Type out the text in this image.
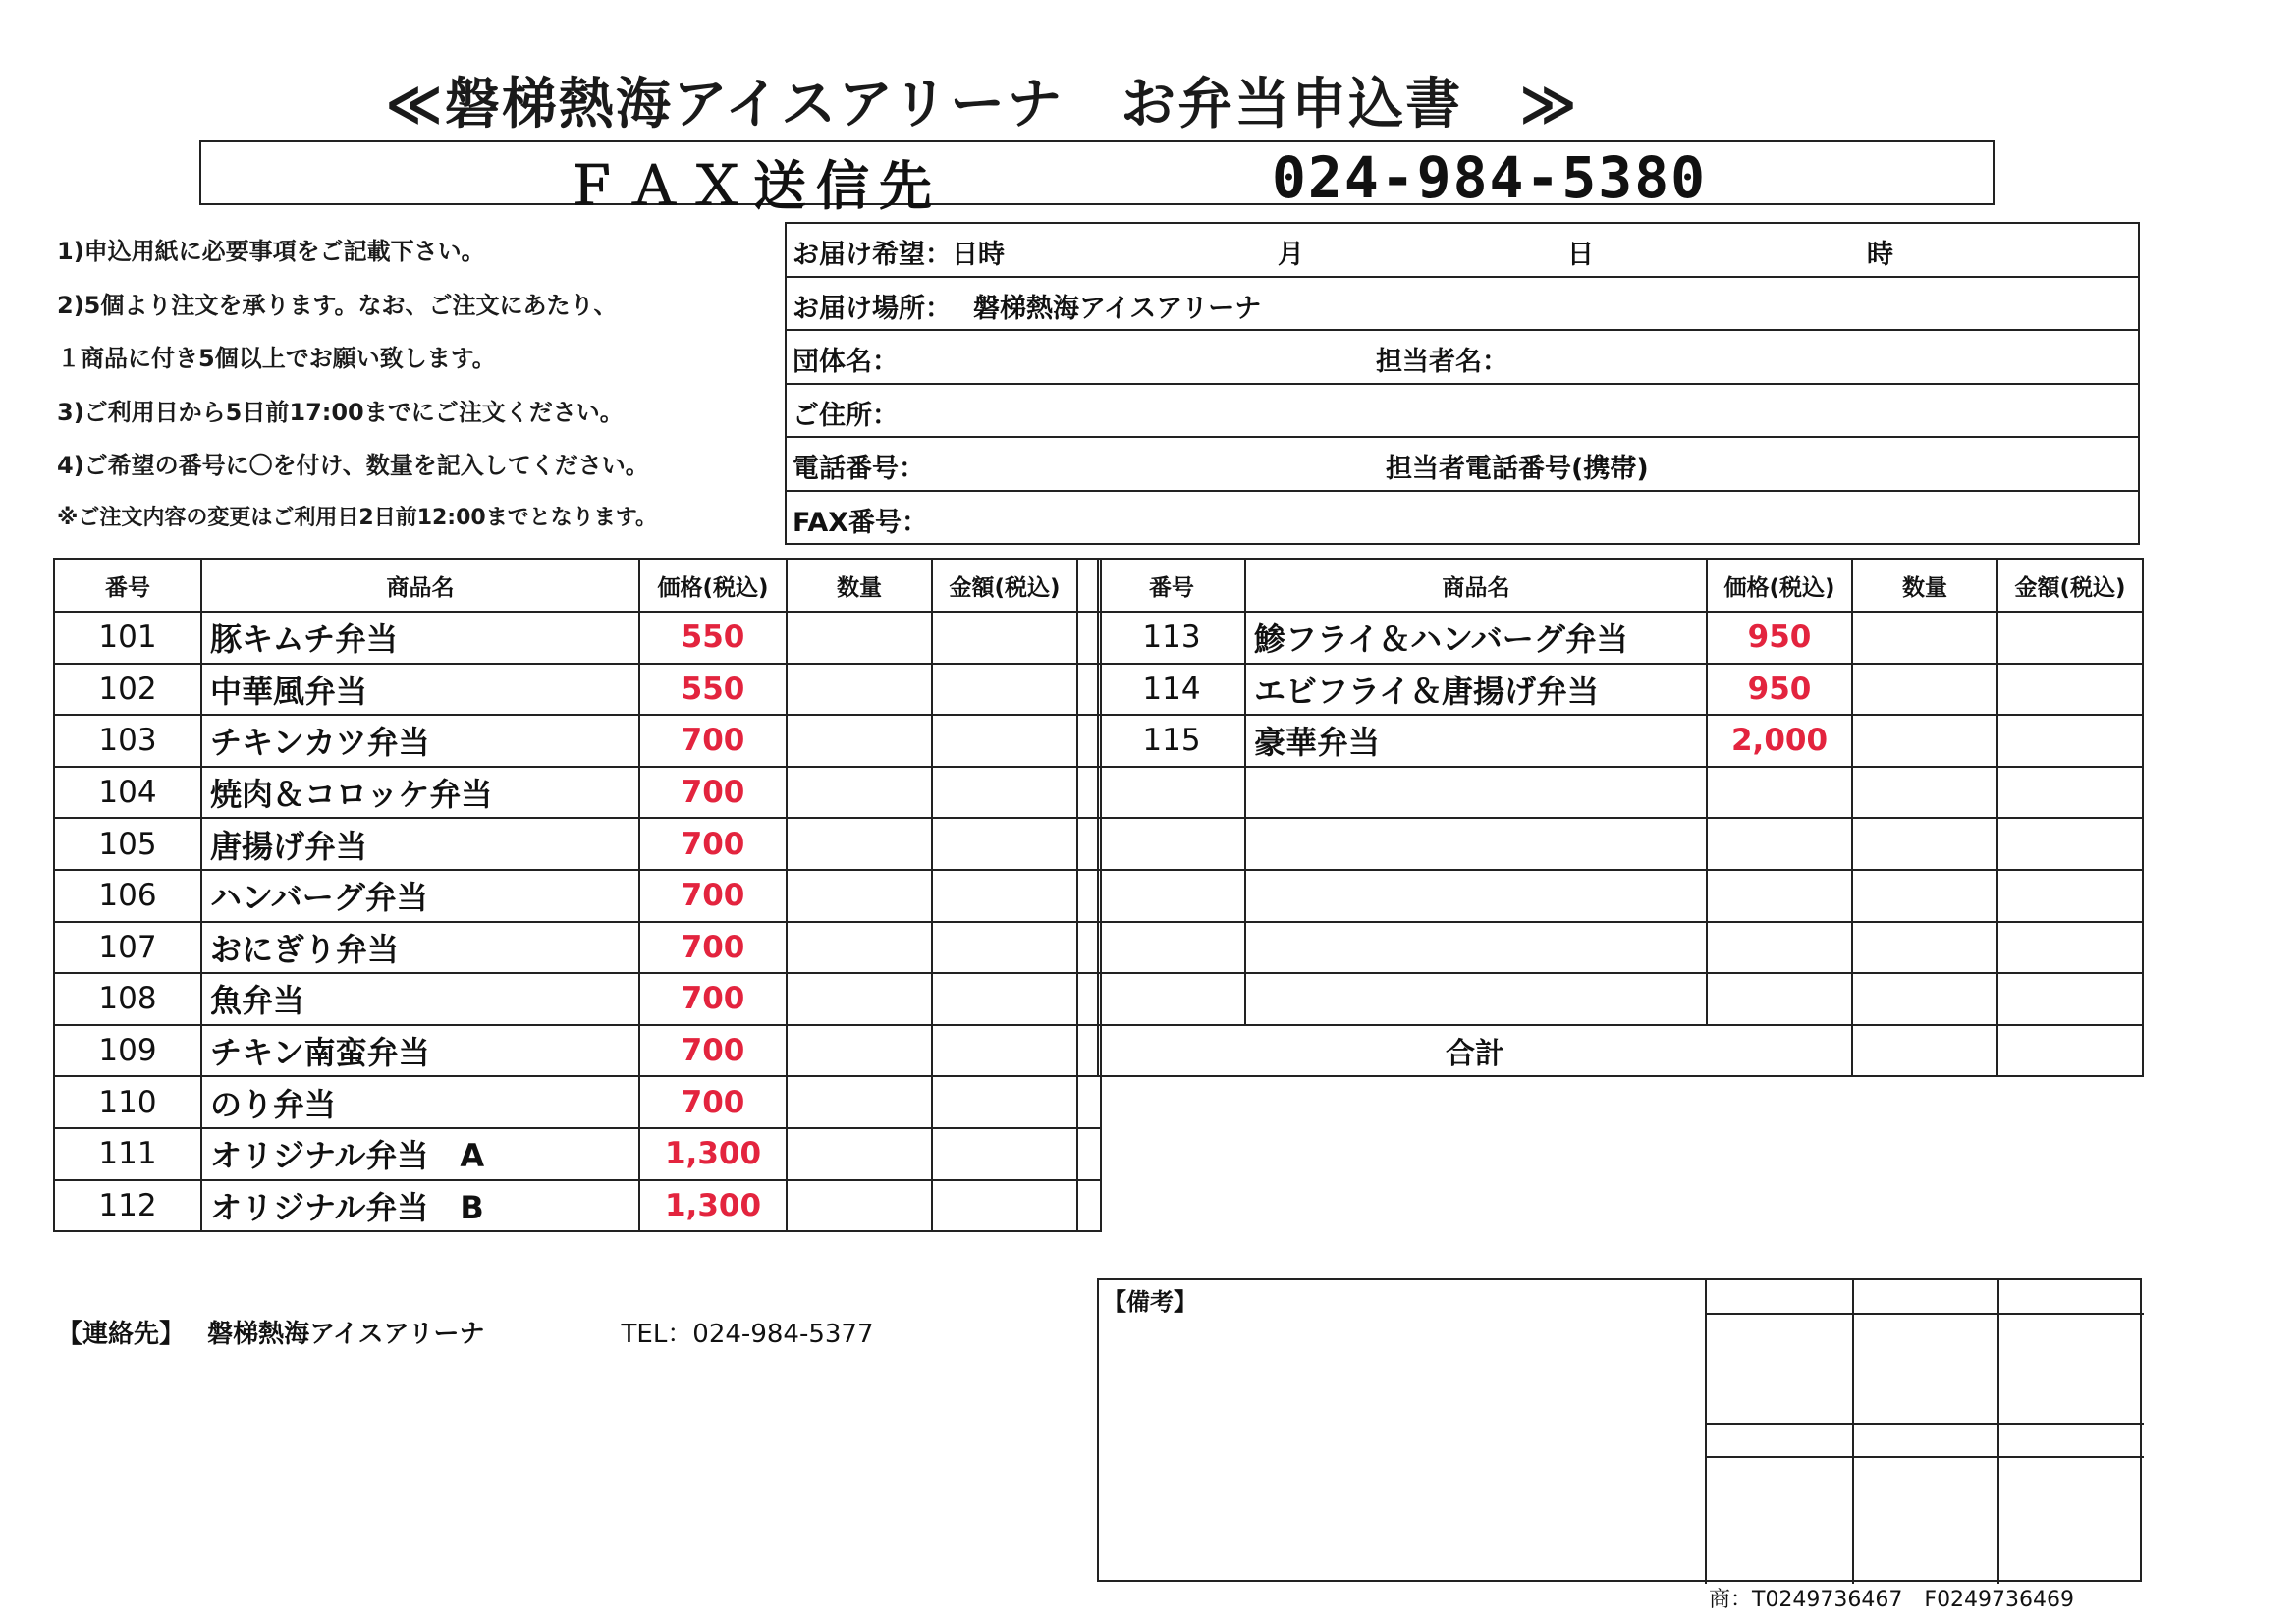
≪磐梯熱海アイスアリーナ　お弁当申込書　≫
ＦＡＸ送信先	024-984-5380
1)申込用紙に必要事項をご記載下さい。
2)5個より注文を承ります。なお、ご注文にあたり、
１商品に付き5個以上でお願い致します。
3)ご利用日から5日前17:00までにご注文ください。
4)ご希望の番号に〇を付け、数量を記入してください。
※ご注文内容の変更はご利用日2日前12:00までとなります。
お届け希望：日時	月	日	時
お届け場所： 磐梯熱海アイスアリーナ
団体名：	担当者名：
ご住所：
電話番号：	担当者電話番号(携帯)
FAX番号：
番号	商品名	価格(税込)	数量	金額(税込)	
101	豚キムチ弁当	550			
102	中華風弁当	550			
103	チキンカツ弁当	700			
104	焼肉＆コロッケ弁当	700			
105	唐揚げ弁当	700			
106	ハンバーグ弁当	700			
107	おにぎり弁当	700			
108	魚弁当	700			
109	チキン南蛮弁当	700			
110	のり弁当	700			
111	オリジナル弁当　A	1,300			
112	オリジナル弁当　B	1,300			
番号	商品名	価格(税込)	数量	金額(税込)
113	鯵フライ＆ハンバーグ弁当	950		
114	エビフライ＆唐揚げ弁当	950		
115	豪華弁当	2,000		

合計				

【連絡先】 磐梯熱海アイスアリーナ	TEL：024-984-5377
【備考】
商：T0249736467　F0249736469
